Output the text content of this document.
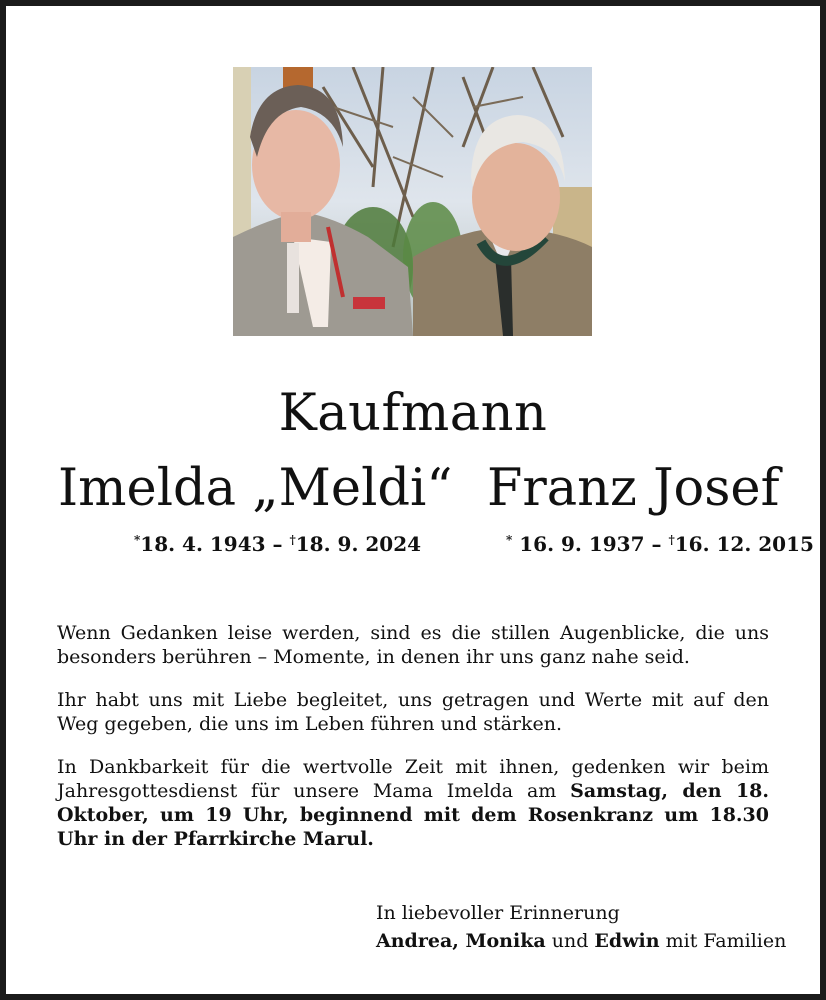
Kaufmann
Imelda „Meldi“ Franz Josef
*18. 4. 1943 – †18. 9. 2024	* 16. 9. 1937 – †16. 12. 2015

Wenn Gedanken leise werden, sind es die stillen Augenblicke, die uns besonders berühren – Momente, in denen ihr uns ganz nahe seid.

Ihr habt uns mit Liebe begleitet, uns getragen und Werte mit auf den Weg gegeben, die uns im Leben führen und stärken.

In Dankbarkeit für die wertvolle Zeit mit ihnen, gedenken wir beim Jahresgottesdienst für unsere Mama Imelda am Samstag, den 18. Oktober, um 19 Uhr, beginnend mit dem Rosenkranz um 18.30 Uhr in der Pfarrkirche Marul.

In liebevoller Erinnerung
Andrea, Monika und Edwin mit Familien
